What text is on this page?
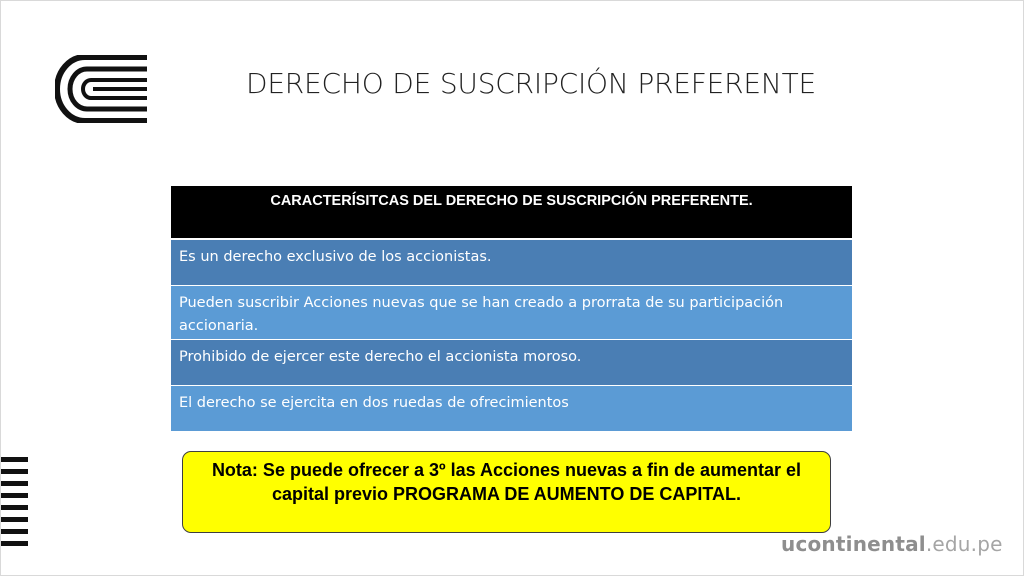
DERECHO DE SUSCRIPCIÓN PREFERENTE
CARACTERÍSITCAS DEL DERECHO DE SUSCRIPCIÓN PREFERENTE.
Es un derecho exclusivo de los accionistas.
Pueden suscribir Acciones nuevas que se han creado a prorrata de su participación accionaria.
Prohibido de ejercer este derecho el accionista moroso.
El derecho se ejercita en dos ruedas de ofrecimientos
Nota: Se puede ofrecer a 3º las Acciones nuevas a fin de aumentar el capital previo PROGRAMA DE AUMENTO DE CAPITAL.
ucontinental.edu.pe
